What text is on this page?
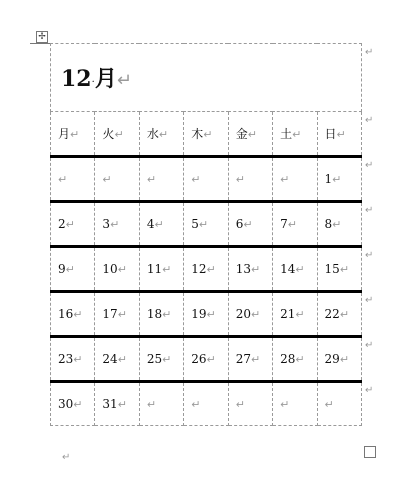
✢
12·月↵						
月↵	火↵	水↵	木↵	金↵	土↵	日↵
↵	↵	↵	↵	↵	↵	1↵
2↵	3↵	4↵	5↵	6↵	7↵	8↵
9↵	10↵	11↵	12↵	13↵	14↵	15↵
16↵	17↵	18↵	19↵	20↵	21↵	22↵
23↵	24↵	25↵	26↵	27↵	28↵	29↵
30↵	31↵	↵	↵	↵	↵	↵
↵
↵
↵
↵
↵
↵
↵
↵
↵
